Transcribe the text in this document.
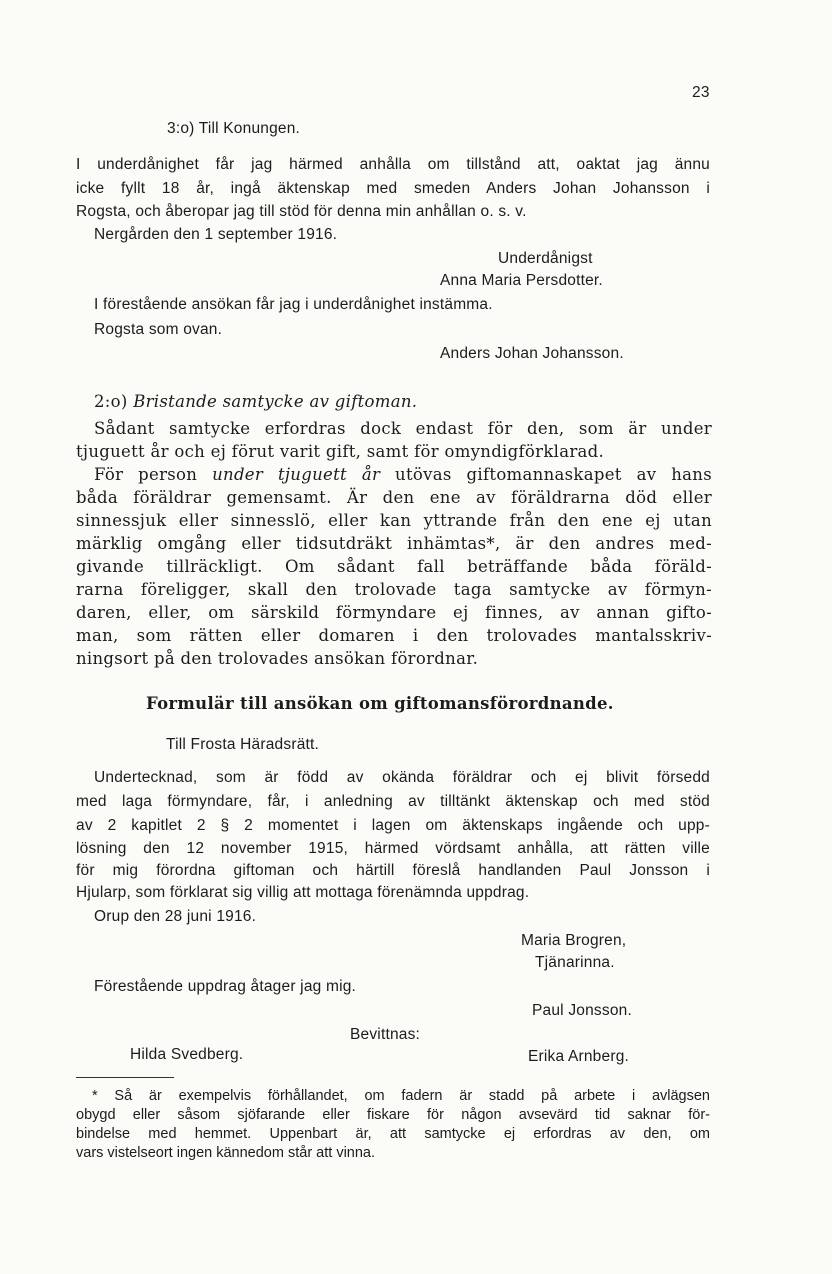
23
3:o) Till Konungen.
I underdånighet får jag härmed anhålla om tillstånd att, oaktat jag ännu
icke fyllt 18 år, ingå äktenskap med smeden Anders Johan Johansson i
Rogsta, och åberopar jag till stöd för denna min anhållan o. s. v.
Nergården den 1 september 1916.
Underdånigst
Anna Maria Persdotter.
I förestående ansökan får jag i underdånighet instämma.
Rogsta som ovan.
Anders Johan Johansson.
2:o) Bristande samtycke av giftoman.
Sådant samtycke erfordras dock endast för den, som är under
tjuguett år och ej förut varit gift, samt för omyndigförklarad.
För person under tjuguett år utövas giftomannaskapet av hans
båda föräldrar gemensamt. Är den ene av föräldrarna död eller
sinnessjuk eller sinnesslö, eller kan yttrande från den ene ej utan
märklig omgång eller tidsutdräkt inhämtas*, är den andres med-
givande tillräckligt. Om sådant fall beträffande båda föräld-
rarna föreligger, skall den trolovade taga samtycke av förmyn-
daren, eller, om särskild förmyndare ej finnes, av annan gifto-
man, som rätten eller domaren i den trolovades mantalsskriv-
ningsort på den trolovades ansökan förordnar.
Formulär till ansökan om giftomansförordnande.
Till Frosta Häradsrätt.
Undertecknad, som är född av okända föräldrar och ej blivit försedd
med laga förmyndare, får, i anledning av tilltänkt äktenskap och med stöd
av 2 kapitlet 2 § 2 momentet i lagen om äktenskaps ingående och upp-
lösning den 12 november 1915, härmed vördsamt anhålla, att rätten ville
för mig förordna giftoman och härtill föreslå handlanden Paul Jonsson i
Hjularp, som förklarat sig villig att mottaga förenämnda uppdrag.
Orup den 28 juni 1916.
Maria Brogren,
Tjänarinna.
Förestående uppdrag åtager jag mig.
Paul Jonsson.
Bevittnas:
Hilda Svedberg.	Erika Arnberg.
* Så är exempelvis förhållandet, om fadern är stadd på arbete i avlägsen
obygd eller såsom sjöfarande eller fiskare för någon avsevärd tid saknar för-
bindelse med hemmet. Uppenbart är, att samtycke ej erfordras av den, om
vars vistelseort ingen kännedom står att vinna.
